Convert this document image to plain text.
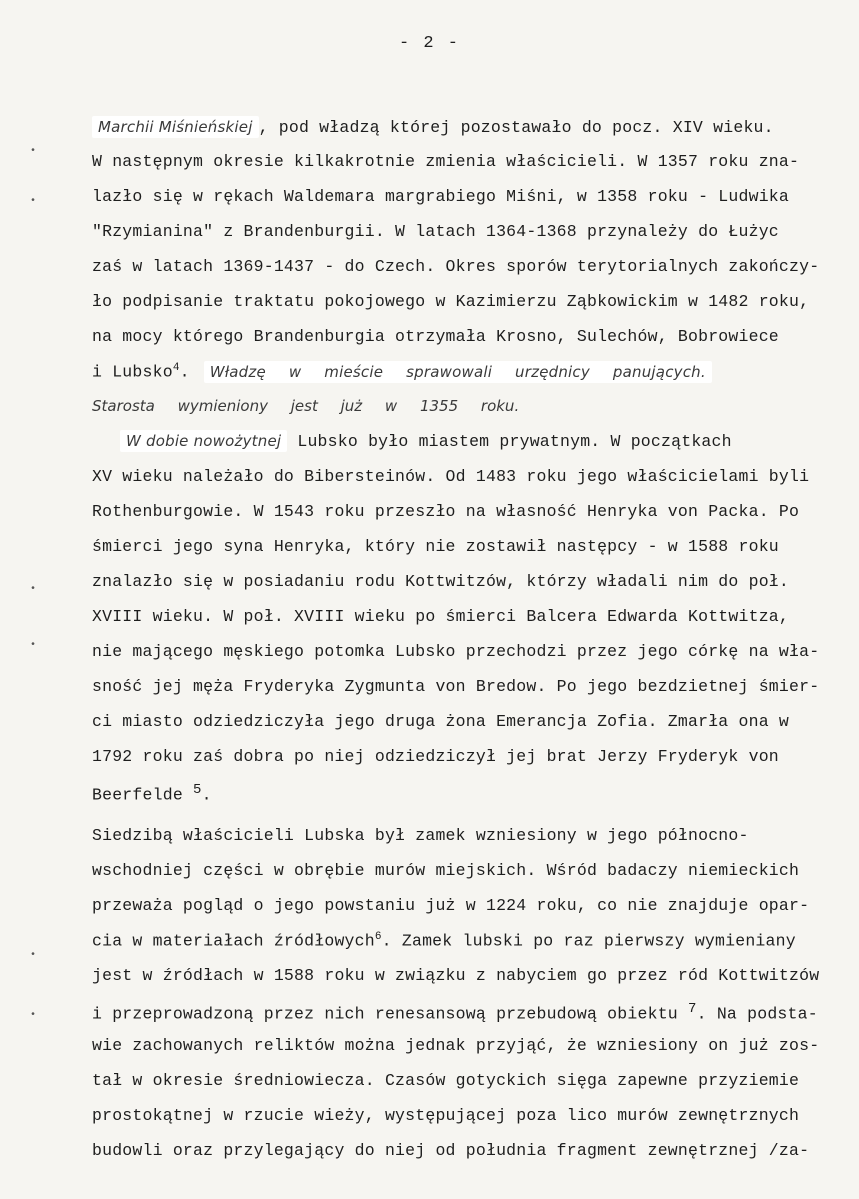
- 2 -
•
•
•
•
•
•
Marchii Miśnieńskiej , pod władzą której pozostawało do pocz. XIV wieku.
W następnym okresie kilkakrotnie zmienia właścicieli. W 1357 roku zna-
lazło się w rękach Waldemara margrabiego Miśni, w 1358 roku - Ludwika
"Rzymianina" z Brandenburgii. W latach 1364-1368 przynależy do Łużyc
zaś w latach 1369-1437 - do Czech. Okres sporów terytorialnych zakończy-
ło podpisanie traktatu pokojowego w Kazimierzu Ząbkowickim w 1482 roku,
na mocy którego Brandenburgia otrzymała Krosno, Sulechów, Bobrowiece
i Lubsko$^4$. Władzę w mieście sprawowali urzędnicy panujących.
Starosta wymieniony jest już w 1355 roku.
W dobie nowożytnej Lubsko było miastem prywatnym. W początkach
XV wieku należało do Bibersteinów. Od 1483 roku jego właścicielami byli
Rothenburgowie. W 1543 roku przeszło na własność Henryka von Packa. Po
śmierci jego syna Henryka, który nie zostawił następcy - w 1588 roku
znalazło się w posiadaniu rodu Kottwitzów, którzy władali nim do poł.
XVIII wieku. W poł. XVIII wieku po śmierci Balcera Edwarda Kottwitza,
nie mającego męskiego potomka Lubsko przechodzi przez jego córkę na wła-
sność jej męża Fryderyka Zygmunta von Bredow. Po jego bezdzietnej śmier-
ci miasto odziedziczyła jego druga żona Emerancja Zofia. Zmarła ona w
1792 roku zaś dobra po niej odziedziczył jej brat Jerzy Fryderyk von
Beerfelde $^5$.
Siedzibą właścicieli Lubska był zamek wzniesiony w jego północno-
wschodniej części w obrębie murów miejskich. Wśród badaczy niemieckich
przeważa pogląd o jego powstaniu już w 1224 roku, co nie znajduje opar-
cia w materiałach źródłowych$^6$. Zamek lubski po raz pierwszy wymieniany
jest w źródłach w 1588 roku w związku z nabyciem go przez ród Kottwitzów
i przeprowadzoną przez nich renesansową przebudową obiektu $^7$. Na podsta-
wie zachowanych reliktów można jednak przyjąć, że wzniesiony on już zos-
tał w okresie średniowiecza. Czasów gotyckich sięga zapewne przyziemie
prostokątnej w rzucie wieży, występującej poza lico murów zewnętrznych
budowli oraz przylegający do niej od południa fragment zewnętrznej /za-
